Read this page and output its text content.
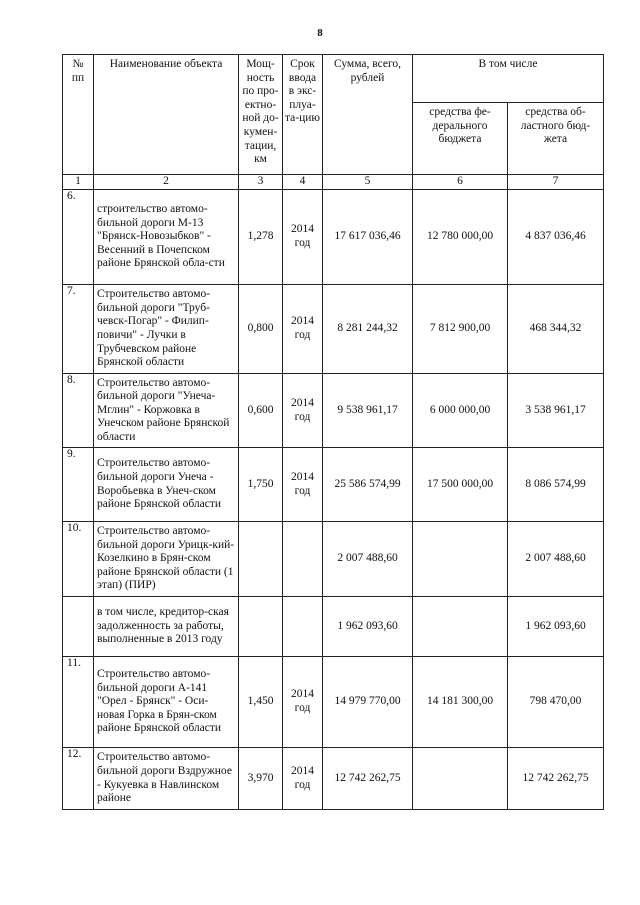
8
№ пп	Наименование объекта	Мощ-ность по про-ектно-ной до-кумен-тации, км	Срок ввода в экс-плуа-та-цию	Сумма, всего, рублей	В том числе	
					средства фе-дерального бюджета	средства об-ластного бюд-жета
1	2	3	4	5	6	7
6.	строительство автомо-бильной дороги М-13 "Брянск-Новозыбков" - Весенний в Почепском районе Брянской обла-сти	1,278	2014 год	17 617 036,46	12 780 000,00	4 837 036,46
7.	Строительство автомо-бильной дороги "Труб-чевск-Погар" - Филип-повичи" - Лучки в Трубчевском районе Брянской области	0,800	2014 год	8 281 244,32	7 812 900,00	468 344,32
8.	Строительство автомо-бильной дороги "Унеча-Мглин" - Коржовка в Унечском районе Брянской области	0,600	2014 год	9 538 961,17	6 000 000,00	3 538 961,17
9.	Строительство автомо-бильной дороги Унеча - Воробьевка в Унеч-ском районе Брянской области	1,750	2014 год	25 586 574,99	17 500 000,00	8 086 574,99
10.	Строительство автомо-бильной дороги Урицк-кий-Козелкино в Брян-ском районе Брянской области (1 этап) (ПИР)			2 007 488,60		2 007 488,60
	в том числе, кредитор-ская задолженность за работы, выполненные в 2013 году			1 962 093,60		1 962 093,60
11.	Строительство автомо-бильной дороги А-141 "Орел - Брянск" - Оси-новая Горка в Брян-ском районе Брянской области	1,450	2014 год	14 979 770,00	14 181 300,00	798 470,00
12.	Строительство автомо-бильной дороги Вздружное - Кукуевка в Навлинском районе	3,970	2014 год	12 742 262,75		12 742 262,75
